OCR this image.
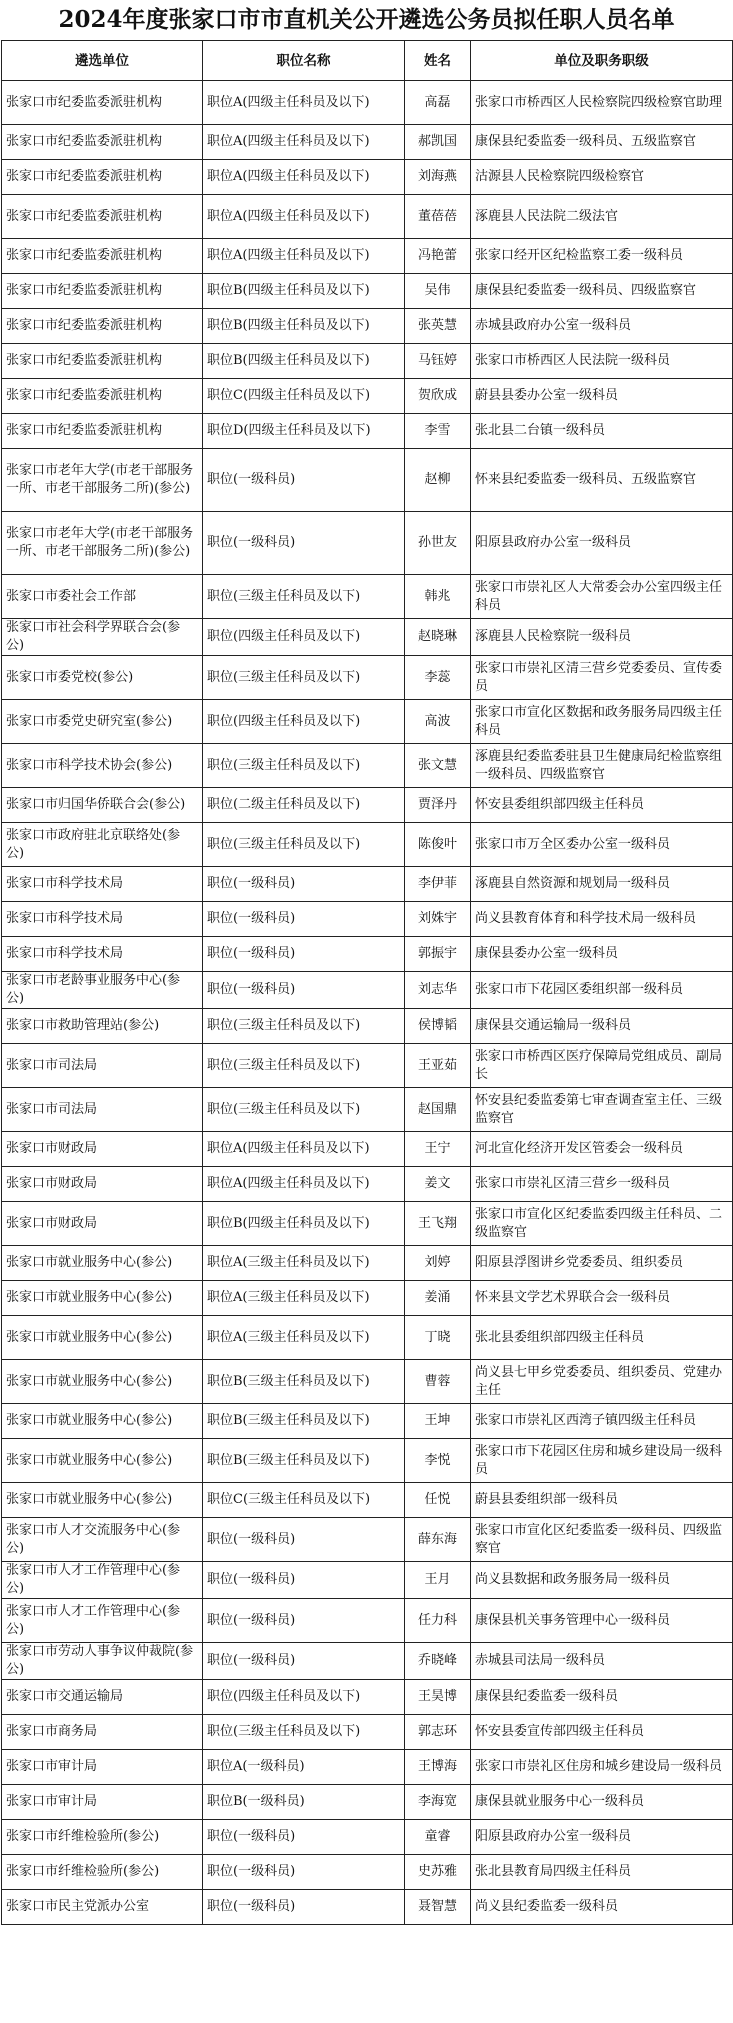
2024年度张家口市市直机关公开遴选公务员拟任职人员名单
遴选单位	职位名称	姓名	单位及职务职级
张家口市纪委监委派驻机构	职位A(四级主任科员及以下)	高磊	张家口市桥西区人民检察院四级检察官助理
张家口市纪委监委派驻机构	职位A(四级主任科员及以下)	郝凯国	康保县纪委监委一级科员、五级监察官
张家口市纪委监委派驻机构	职位A(四级主任科员及以下)	刘海燕	沽源县人民检察院四级检察官
张家口市纪委监委派驻机构	职位A(四级主任科员及以下)	董蓓蓓	涿鹿县人民法院二级法官
张家口市纪委监委派驻机构	职位A(四级主任科员及以下)	冯艳蕾	张家口经开区纪检监察工委一级科员
张家口市纪委监委派驻机构	职位B(四级主任科员及以下)	吴伟	康保县纪委监委一级科员、四级监察官
张家口市纪委监委派驻机构	职位B(四级主任科员及以下)	张英慧	赤城县政府办公室一级科员
张家口市纪委监委派驻机构	职位B(四级主任科员及以下)	马钰婷	张家口市桥西区人民法院一级科员
张家口市纪委监委派驻机构	职位C(四级主任科员及以下)	贺欣成	蔚县县委办公室一级科员
张家口市纪委监委派驻机构	职位D(四级主任科员及以下)	李雪	张北县二台镇一级科员
张家口市老年大学(市老干部服务一所、市老干部服务二所)(参公)	职位(一级科员)	赵柳	怀来县纪委监委一级科员、五级监察官
张家口市老年大学(市老干部服务一所、市老干部服务二所)(参公)	职位(一级科员)	孙世友	阳原县政府办公室一级科员
张家口市委社会工作部	职位(三级主任科员及以下)	韩兆	张家口市崇礼区人大常委会办公室四级主任科员
张家口市社会科学界联合会(参公)	职位(四级主任科员及以下)	赵晓琳	涿鹿县人民检察院一级科员
张家口市委党校(参公)	职位(三级主任科员及以下)	李蕊	张家口市崇礼区清三营乡党委委员、宣传委员
张家口市委党史研究室(参公)	职位(四级主任科员及以下)	高波	张家口市宣化区数据和政务服务局四级主任科员
张家口市科学技术协会(参公)	职位(三级主任科员及以下)	张文慧	涿鹿县纪委监委驻县卫生健康局纪检监察组一级科员、四级监察官
张家口市归国华侨联合会(参公)	职位(二级主任科员及以下)	贾泽丹	怀安县委组织部四级主任科员
张家口市政府驻北京联络处(参公)	职位(三级主任科员及以下)	陈俊叶	张家口市万全区委办公室一级科员
张家口市科学技术局	职位(一级科员)	李伊菲	涿鹿县自然资源和规划局一级科员
张家口市科学技术局	职位(一级科员)	刘姝宇	尚义县教育体育和科学技术局一级科员
张家口市科学技术局	职位(一级科员)	郭振宇	康保县委办公室一级科员
张家口市老龄事业服务中心(参公)	职位(一级科员)	刘志华	张家口市下花园区委组织部一级科员
张家口市救助管理站(参公)	职位(三级主任科员及以下)	侯博韬	康保县交通运输局一级科员
张家口市司法局	职位(三级主任科员及以下)	王亚茹	张家口市桥西区医疗保障局党组成员、副局长
张家口市司法局	职位(三级主任科员及以下)	赵国鼎	怀安县纪委监委第七审查调查室主任、三级监察官
张家口市财政局	职位A(四级主任科员及以下)	王宁	河北宣化经济开发区管委会一级科员
张家口市财政局	职位A(四级主任科员及以下)	姜文	张家口市崇礼区清三营乡一级科员
张家口市财政局	职位B(四级主任科员及以下)	王飞翔	张家口市宣化区纪委监委四级主任科员、二级监察官
张家口市就业服务中心(参公)	职位A(三级主任科员及以下)	刘婷	阳原县浮图讲乡党委委员、组织委员
张家口市就业服务中心(参公)	职位A(三级主任科员及以下)	姜涌	怀来县文学艺术界联合会一级科员
张家口市就业服务中心(参公)	职位A(三级主任科员及以下)	丁晓	张北县委组织部四级主任科员
张家口市就业服务中心(参公)	职位B(三级主任科员及以下)	曹蓉	尚义县七甲乡党委委员、组织委员、党建办主任
张家口市就业服务中心(参公)	职位B(三级主任科员及以下)	王坤	张家口市崇礼区西湾子镇四级主任科员
张家口市就业服务中心(参公)	职位B(三级主任科员及以下)	李悦	张家口市下花园区住房和城乡建设局一级科员
张家口市就业服务中心(参公)	职位C(三级主任科员及以下)	任悦	蔚县县委组织部一级科员
张家口市人才交流服务中心(参公)	职位(一级科员)	薛东海	张家口市宣化区纪委监委一级科员、四级监察官
张家口市人才工作管理中心(参公)	职位(一级科员)	王月	尚义县数据和政务服务局一级科员
张家口市人才工作管理中心(参公)	职位(一级科员)	任力科	康保县机关事务管理中心一级科员
张家口市劳动人事争议仲裁院(参公)	职位(一级科员)	乔晓峰	赤城县司法局一级科员
张家口市交通运输局	职位(四级主任科员及以下)	王昊博	康保县纪委监委一级科员
张家口市商务局	职位(三级主任科员及以下)	郭志环	怀安县委宣传部四级主任科员
张家口市审计局	职位A(一级科员)	王博海	张家口市崇礼区住房和城乡建设局一级科员
张家口市审计局	职位B(一级科员)	李海宽	康保县就业服务中心一级科员
张家口市纤维检验所(参公)	职位(一级科员)	童睿	阳原县政府办公室一级科员
张家口市纤维检验所(参公)	职位(一级科员)	史苏雅	张北县教育局四级主任科员
张家口市民主党派办公室	职位(一级科员)	聂智慧	尚义县纪委监委一级科员
